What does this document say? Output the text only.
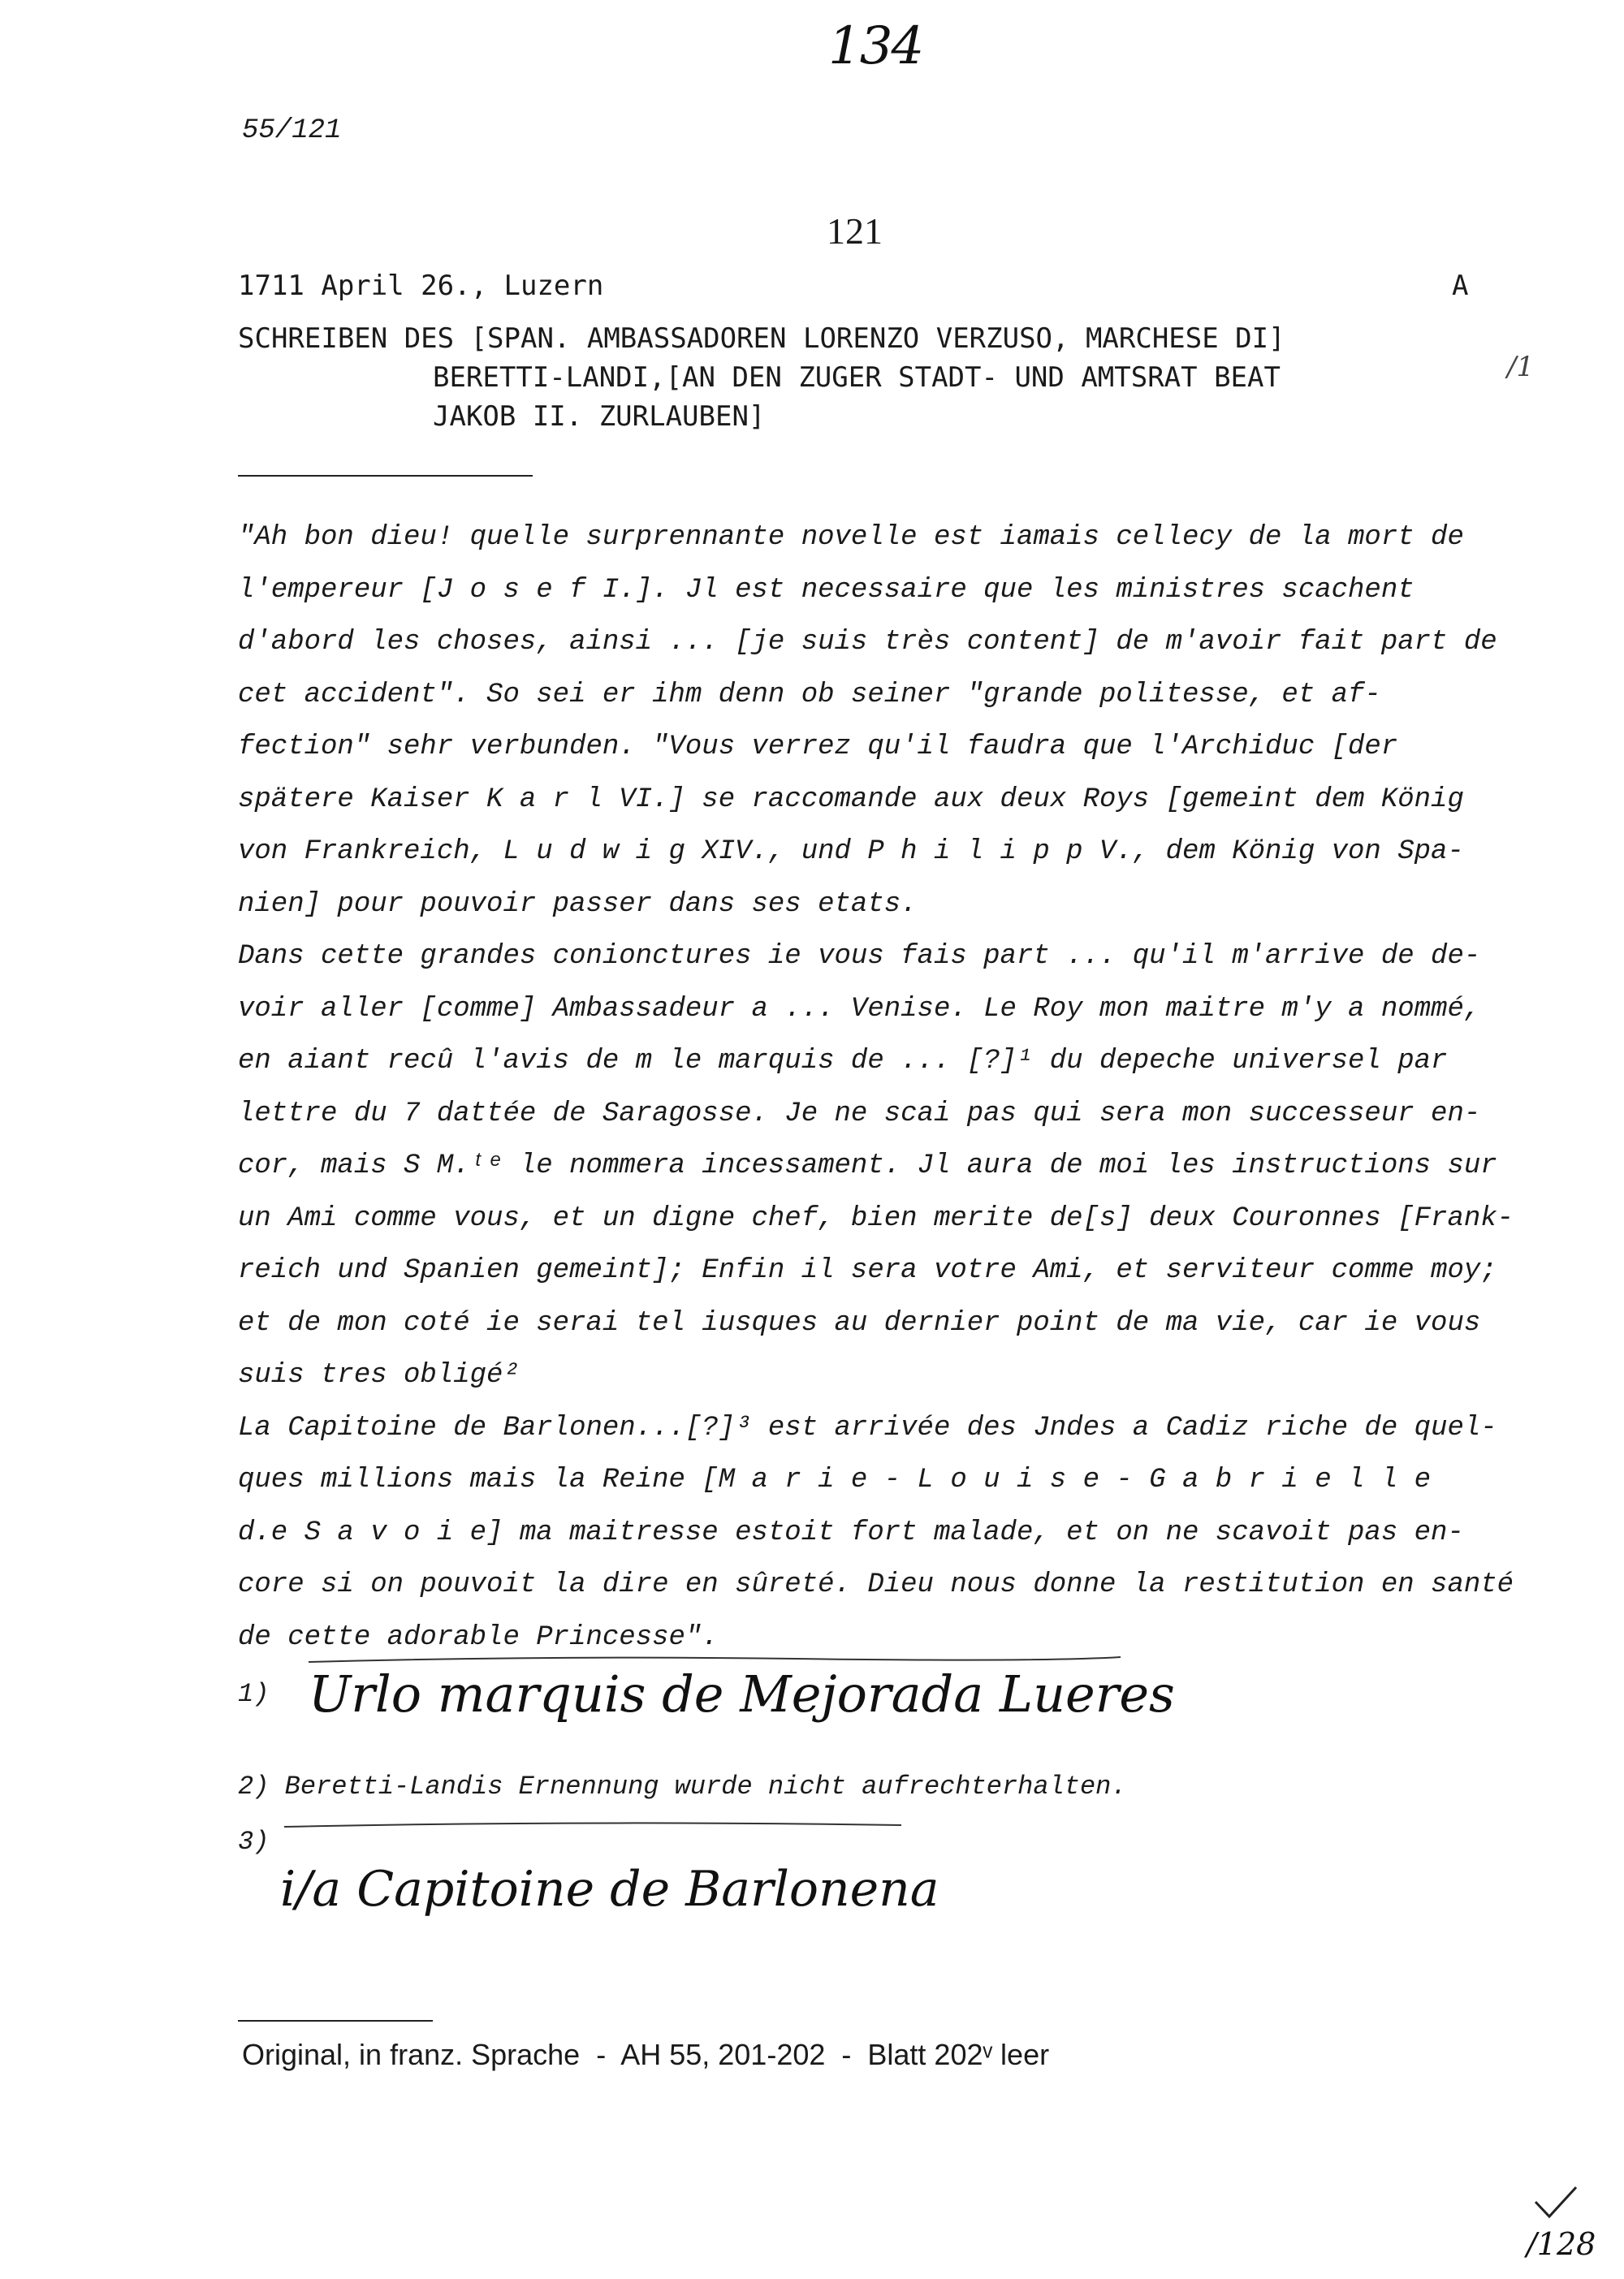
134
55/121
121
1711 April 26., Luzern	A
SCHREIBEN DES [SPAN. AMBASSADOREN LORENZO VERZUSO, MARCHESE DI]
BERETTI-LANDI,[AN DEN ZUGER STADT- UND AMTSRAT BEAT
JAKOB II. ZURLAUBEN]
/1
"Ah bon dieu! quelle surprennante novelle est iamais cellecy de la mort de
l'empereur [J o s e f I.]. Jl est necessaire que les ministres scachent
d'abord les choses, ainsi ... [je suis très content] de m'avoir fait part de
cet accident". So sei er ihm denn ob seiner "grande politesse, et af-
fection" sehr verbunden. "Vous verrez qu'il faudra que l'Archiduc [der
spätere Kaiser K a r l VI.] se raccomande aux deux Roys [gemeint dem König
von Frankreich, L u d w i g XIV., und P h i l i p p V., dem König von Spa-
nien] pour pouvoir passer dans ses etats.
Dans cette grandes conionctures ie vous fais part ... qu'il m'arrive de de-
voir aller [comme] Ambassadeur a ... Venise. Le Roy mon maitre m'y a nommé,
en aiant recû l'avis de m le marquis de ... [?]¹ du depeche universel par
lettre du 7 dattée de Saragosse. Je ne scai pas qui sera mon successeur en-
cor, mais S M.ᵗᵉ le nommera incessament. Jl aura de moi les instructions sur
un Ami comme vous, et un digne chef, bien merite de[s] deux Couronnes [Frank-
reich und Spanien gemeint]; Enfin il sera votre Ami, et serviteur comme moy;
et de mon coté ie serai tel iusques au dernier point de ma vie, car ie vous
suis tres obligé²
La Capitoine de Barlonen...[?]³ est arrivée des Jndes a Cadiz riche de quel-
ques millions mais la Reine [M a r i e - L o u i s e - G a b r i e l l e
d.e S a v o i e] ma maitresse estoit fort malade, et on ne scavoit pas en-
core si on pouvoit la dire en sûreté. Dieu nous donne la restitution en santé
de cette adorable Princesse".
1) Urlo marquis de Mejorada Lueres
2) Beretti-Landis Ernennung wurde nicht aufrechterhalten.
3)
i/a Capitoine de Barlonena
Original, in franz. Sprache  -  AH 55, 201-202  -  Blatt 202ᵛ leer
/128
